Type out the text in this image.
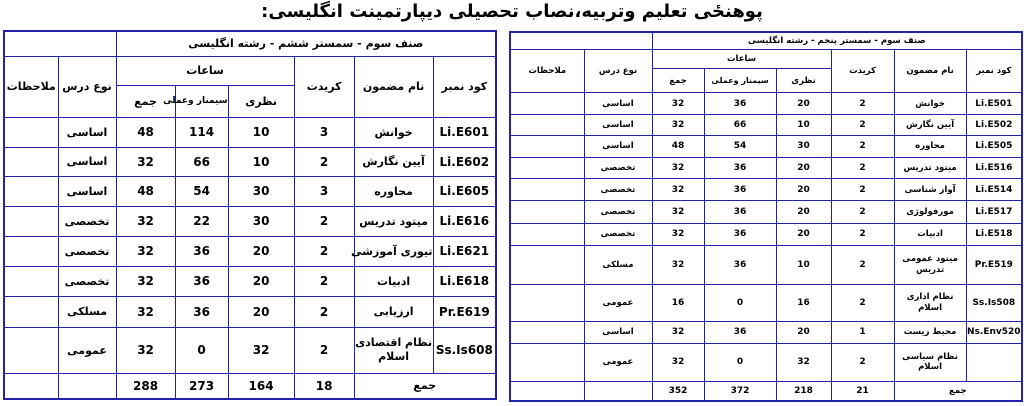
پوهنځی تعلیم وتربیه،نصاب تحصیلی دیپارتمینت انگلیسی:
صنف سوم - سمستر ششم - رشته انگلیسی							
کود نمبر	نام مضمون	کریدت	ساعات			نوع درس	ملاحظات
			نظری	سیمنار وعملی	جمع		
Li.E601	خوانش	3	10	114	48	اساسی	
Li.E602	آیین نگارش	2	10	66	32	اساسی	
Li.E605	محاوره	3	30	54	48	اساسی	
Li.E616	میتود تدریس	2	30	22	32	تخصصی	
Li.E621	تیوری آموزشی	2	20	36	32	تخصصی	
Li.E618	ادبیات	2	20	36	32	تخصصی	
Pr.E619	ارزیابی	2	20	36	32	مسلکی	
Ss.Is608	نظام اقتصادی اسلام	2	32	0	32	عمومی	
جمع		18	164	273	288		
صنف سوم - سمستر پنجم - رشته انگلیسی							
کود نمبر	نام مضمون	کریدت	ساعات			نوع درس	ملاحظات
			نظری	سیمنار وعملی	جمع		
Li.E501	خوانش	2	20	36	32	اساسی	
Li.E502	آیین نگارش	2	10	66	32	اساسی	
Li.E505	محاوره	2	30	54	48	اساسی	
Li.E516	میتود تدریس	2	20	36	32	تخصصی	
Li.E514	آواز شناسی	2	20	36	32	تخصصی	
Li.E517	مورفولوژی	2	20	36	32	تخصصی	
Li.E518	ادبیات	2	20	36	32	تخصصی	
Pr.E519	میتود عمومی تدریس	2	10	36	32	مسلکی	
Ss.Is508	نظام اداری اسلام	2	16	0	16	عمومی	
Ns.Env520	محیط زیست	1	20	36	32	اساسی	
	نظام سیاسی اسلام	2	32	0	32	عمومی	
جمع		21	218	372	352		
